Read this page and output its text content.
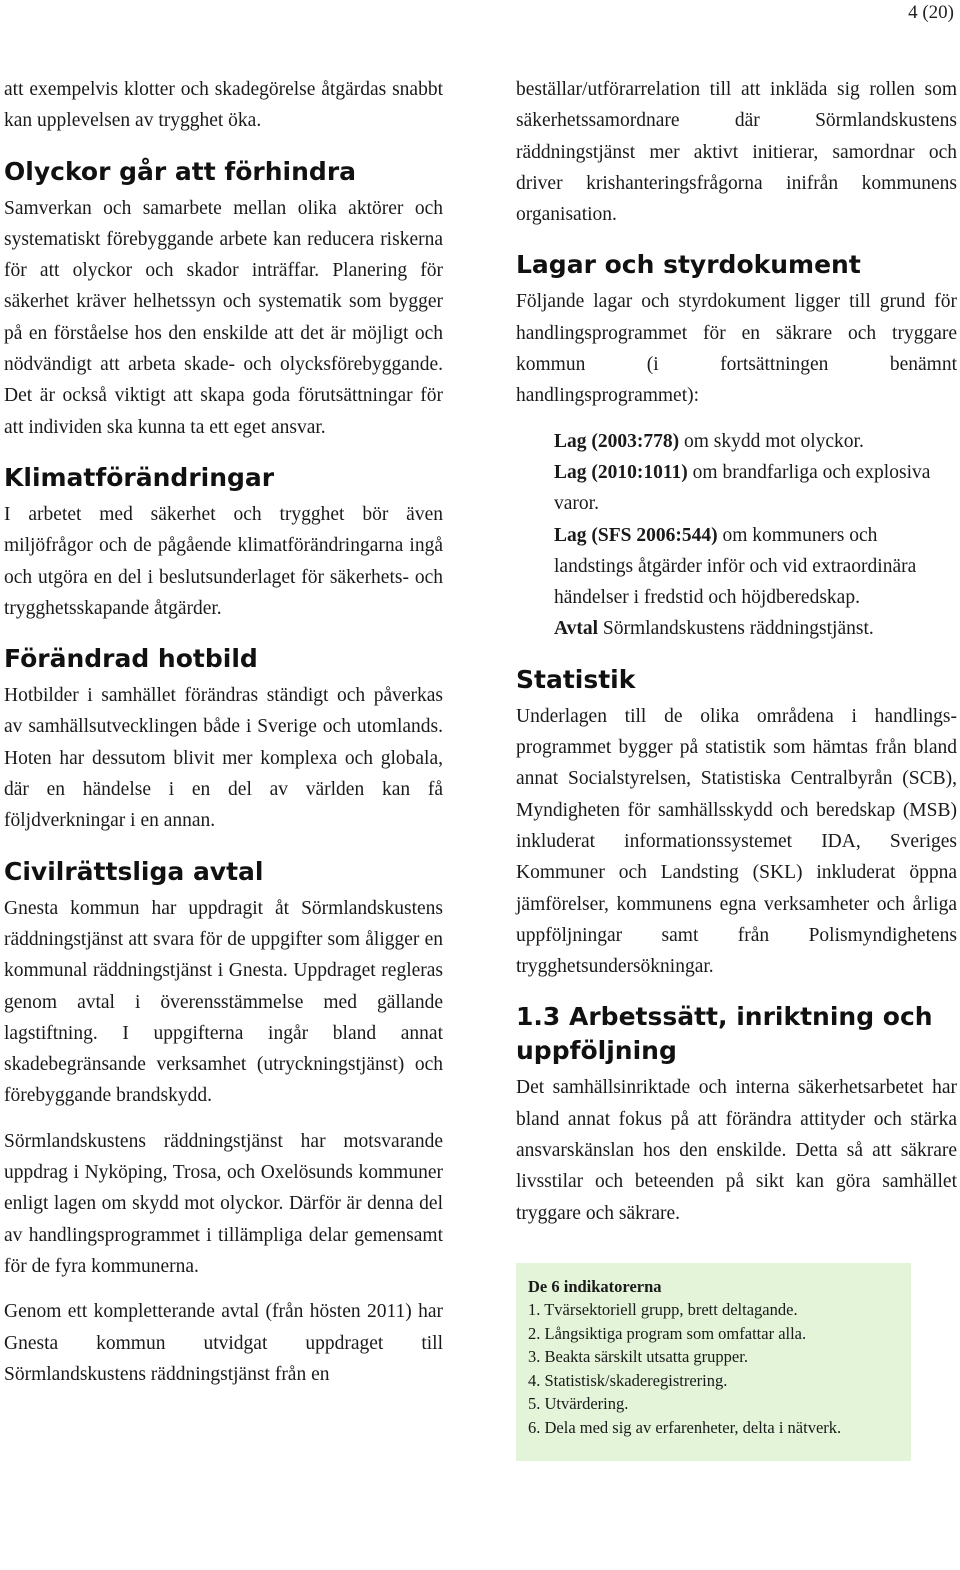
4 (20)

att exempelvis klotter och skadegörelse åtgärdas snabbt kan upplevelsen av trygghet öka.

Olyckor går att förhindra

Samverkan och samarbete mellan olika aktörer och systematiskt förebyggande arbete kan reducera riskerna för att olyckor och skador inträffar. Planering för säkerhet kräver helhetssyn och systematik som bygger på en förståelse hos den enskilde att det är möjligt och nödvändigt att arbeta skade- och olycksförebyggande. Det är också viktigt att skapa goda förutsättningar för att individen ska kunna ta ett eget ansvar.

Klimatförändringar

I arbetet med säkerhet och trygghet bör även miljöfrågor och de pågående klimatförändringarna ingå och utgöra en del i beslutsunderlaget för säkerhets- och trygghetsskapande åtgärder.

Förändrad hotbild

Hotbilder i samhället förändras ständigt och påverkas av samhällsutvecklingen både i Sverige och utomlands. Hoten har dessutom blivit mer komplexa och globala, där en händelse i en del av världen kan få följdverkningar i en annan.

Civilrättsliga avtal

Gnesta kommun har uppdragit åt Sörmlandskustens räddningstjänst att svara för de uppgifter som åligger en kommunal räddningstjänst i Gnesta. Uppdraget regleras genom avtal i överensstämmelse med gällande lagstiftning. I uppgifterna ingår bland annat skadebegränsande verksamhet (utryckningstjänst) och förebyggande brandskydd.

Sörmlandskustens räddningstjänst har motsvarande uppdrag i Nyköping, Trosa, och Oxelösunds kommuner enligt lagen om skydd mot olyckor. Därför är denna del av handlingsprogrammet i tillämpliga delar gemensamt för de fyra kommunerna.

Genom ett kompletterande avtal (från hösten 2011) har Gnesta kommun utvidgat uppdraget till Sörmlandskustens räddningstjänst från en

beställar/utförarrelation till att inkläda sig rollen som säkerhetssamordnare där Sörmlandskustens räddningstjänst mer aktivt initierar, samordnar och driver krishanteringsfrågorna inifrån kommunens organisation.

Lagar och styrdokument

Följande lagar och styrdokument ligger till grund för handlingsprogrammet för en säkrare och tryggare kommun (i fortsättningen benämnt handlingsprogrammet):

Lag (2003:778) om skydd mot olyckor.
Lag (2010:1011) om brandfarliga och explosiva varor.
Lag (SFS 2006:544) om kommuners och landstings åtgärder inför och vid extraordinära händelser i fredstid och höjdberedskap.
Avtal Sörmlandskustens räddningstjänst.
Statistik

Underlagen till de olika områdena i handlingsprogrammet bygger på statistik som hämtas från bland annat Socialstyrelsen, Statistiska Centralbyrån (SCB), Myndigheten för samhällsskydd och beredskap (MSB) inkluderat informationssystemet IDA, Sveriges Kommuner och Landsting (SKL) inkluderat öppna jämförelser, kommunens egna verksamheter och årliga uppföljningar samt från Polismyndighetens trygghetsundersökningar.

1.3 Arbetssätt, inriktning och uppföljning

Det samhällsinriktade och interna säkerhetsarbetet har bland annat fokus på att förändra attityder och stärka ansvarskänslan hos den enskilde. Detta så att säkrare livsstilar och beteenden på sikt kan göra samhället tryggare och säkrare.

De 6 indikatorerna
1. Tvärsektoriell grupp, brett deltagande.
2. Långsiktiga program som omfattar alla.
3. Beakta särskilt utsatta grupper.
4. Statistisk/skaderegistrering.
5. Utvärdering.
6. Dela med sig av erfarenheter, delta i nätverk.
